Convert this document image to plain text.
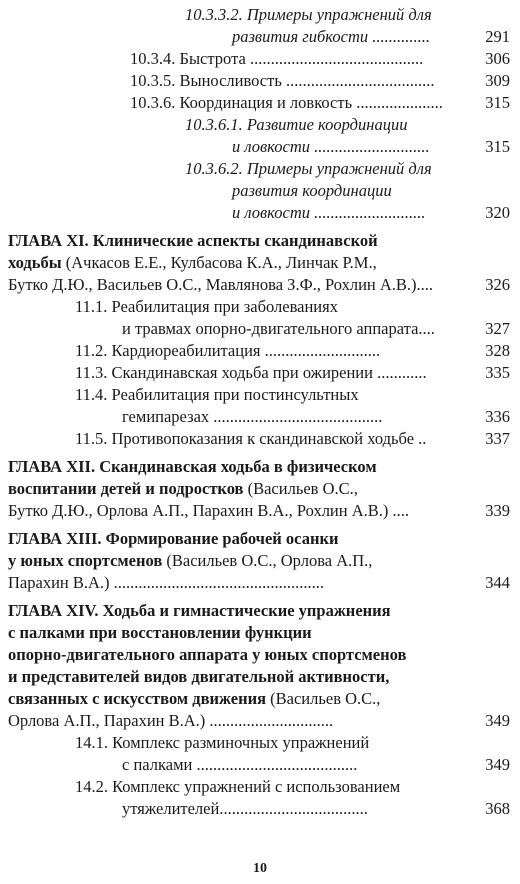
10.3.3.2. Примеры упражнений для
развития гибкости ..............	291
10.3.4. Быстрота ..........................................	306
10.3.5. Выносливость ....................................	309
10.3.6. Координация и ловкость .....................	315
10.3.6.1. Развитие координации
и ловкости ............................	315
10.3.6.2. Примеры упражнений для
развития координации
и ловкости ...........................	320
ГЛАВА XI. Клинические аспекты скандинавской
ходьбы (Ачкасов Е.Е., Кулбасова К.А., Линчак Р.М.,
Бутко Д.Ю., Васильев О.С., Мавлянова З.Ф., Рохлин А.В.)....	326
11.1. Реабилитация при заболеваниях
и травмах опорно-двигательного аппарата....	327
11.2. Кардиореабилитация ............................	328
11.3. Скандинавская ходьба при ожирении ............	335
11.4. Реабилитация при постинсультных
гемипарезах .........................................	336
11.5. Противопоказания к скандинавской ходьбе ..	337
ГЛАВА XII. Скандинавская ходьба в физическом
воспитании детей и подростков (Васильев О.С.,
Бутко Д.Ю., Орлова А.П., Парахин В.А., Рохлин А.В.) ....	339
ГЛАВА XIII. Формирование рабочей осанки
у юных спортсменов (Васильев О.С., Орлова А.П.,
Парахин В.А.) ...................................................	344
ГЛАВА XIV. Ходьба и гимнастические упражнения
с палками при восстановлении функции
опорно-двигательного аппарата у юных спортсменов
и представителей видов двигательной активности,
связанных с искусством движения (Васильев О.С.,
Орлова А.П., Парахин В.А.) ..............................	349
14.1. Комплекс разминочных упражнений
с палками .......................................	349
14.2. Комплекс упражнений с использованием
утяжелителей....................................	368
10
